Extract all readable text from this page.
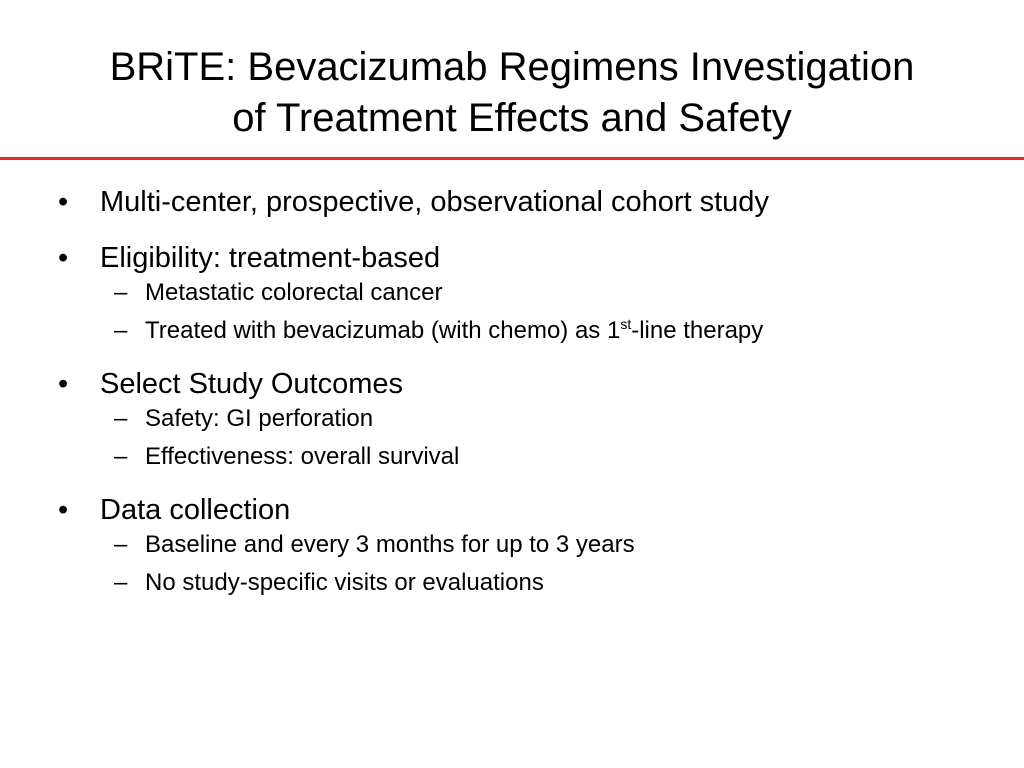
BRiTE: Bevacizumab Regimens Investigation
of Treatment Effects and Safety
• Multi-center, prospective, observational cohort study
• Eligibility: treatment-based
– Metastatic colorectal cancer
– Treated with bevacizumab (with chemo) as 1st-line therapy
• Select Study Outcomes
– Safety: GI perforation
– Effectiveness: overall survival
• Data collection
– Baseline and every 3 months for up to 3 years
– No study-specific visits or evaluations
